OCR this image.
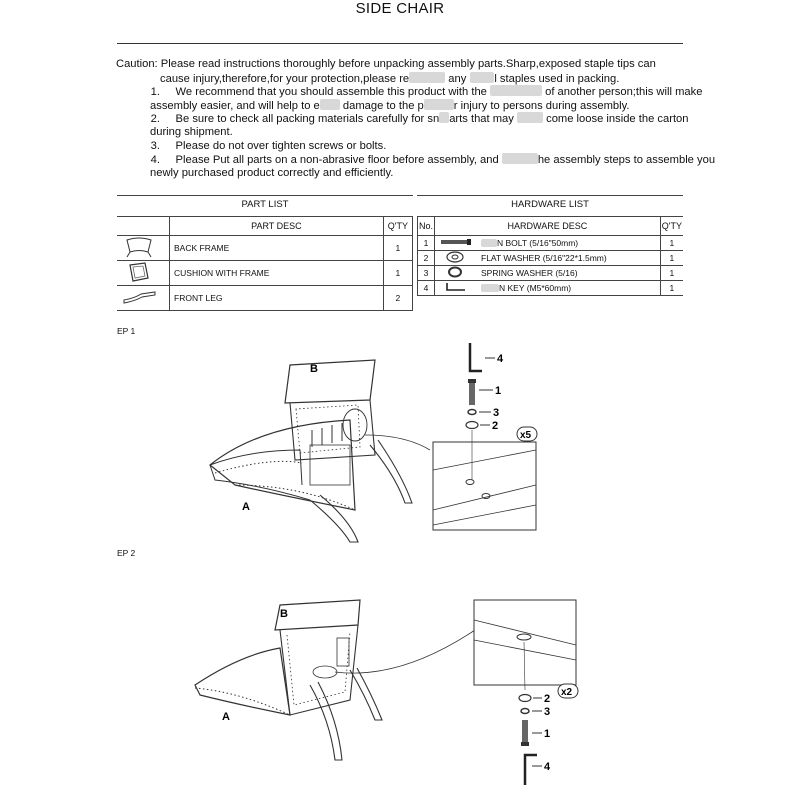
SIDE CHAIR
Caution: Please read instructions thoroughly before unpacking assembly parts.Sharp,exposed staple tips can
cause injury,therefore,for your protection,please re	any	l staples used in packing.
1. We recommend that you should assemble this product with the	of another person;this will make
assembly easier, and will help to e damage to the p	r injury to persons during assembly.
2. Be sure to check all packing materials carefully for sn arts that may	come loose inside the carton
during shipment.
3. Please do not over tighten screws or bolts.
4. Please Put all parts on a non-abrasive floor before assembly, and	he assembly steps to assemble you
newly purchased product correctly and efficiently.
PART LIST
	PART DESC	Q'TY
	BACK FRAME	1
	CUSHION WITH FRAME	1
	FRONT LEG	2
HARDWARE LIST
No.	HARDWARE DESC		Q'TY
1		N BOLT (5/16"50mm)	1
2		FLAT WASHER (5/16"22*1.5mm)	1
3		SPRING WASHER (5/16)	1
4		N KEY (M5*60mm)	1
EP 1
B
A
4
1
3
2
x5
EP 2
B
A
x2
2
3
1
4
